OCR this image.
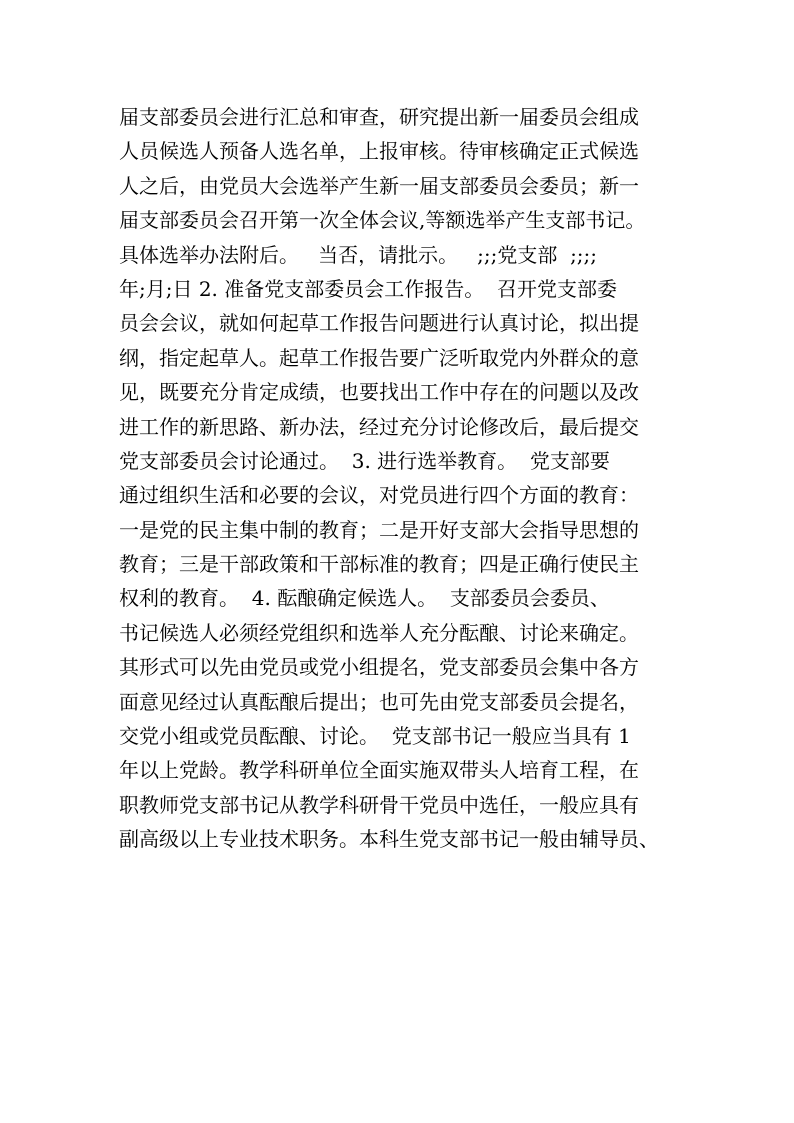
届支部委员会进行汇总和审查，研究提出新一届委员会组成
人员候选人预备人选名单，上报审核。待审核确定正式候选
人之后，由党员大会选举产生新一届支部委员会委员；新一
届支部委员会召开第一次全体会议,等额选举产生支部书记。
具体选举办法附后。   当否，请批示。   ;;;党支部  ;;;;
年;月;日 2. 准备党支部委员会工作报告。  召开党支部委
员会会议，就如何起草工作报告问题进行认真讨论，拟出提
纲，指定起草人。起草工作报告要广泛听取党内外群众的意
见，既要充分肯定成绩，也要找出工作中存在的问题以及改
进工作的新思路、新办法，经过充分讨论修改后，最后提交
党支部委员会讨论通过。  3. 进行选举教育。  党支部要
通过组织生活和必要的会议，对党员进行四个方面的教育：
一是党的民主集中制的教育；二是开好支部大会指导思想的
教育；三是干部政策和干部标准的教育；四是正确行使民主
权利的教育。  4. 酝酿确定候选人。  支部委员会委员、
书记候选人必须经党组织和选举人充分酝酿、讨论来确定。
其形式可以先由党员或党小组提名，党支部委员会集中各方
面意见经过认真酝酿后提出；也可先由党支部委员会提名，
交党小组或党员酝酿、讨论。  党支部书记一般应当具有 1
年以上党龄。教学科研单位全面实施双带头人培育工程，在
职教师党支部书记从教学科研骨干党员中选任，一般应具有
副高级以上专业技术职务。本科生党支部书记一般由辅导员、
